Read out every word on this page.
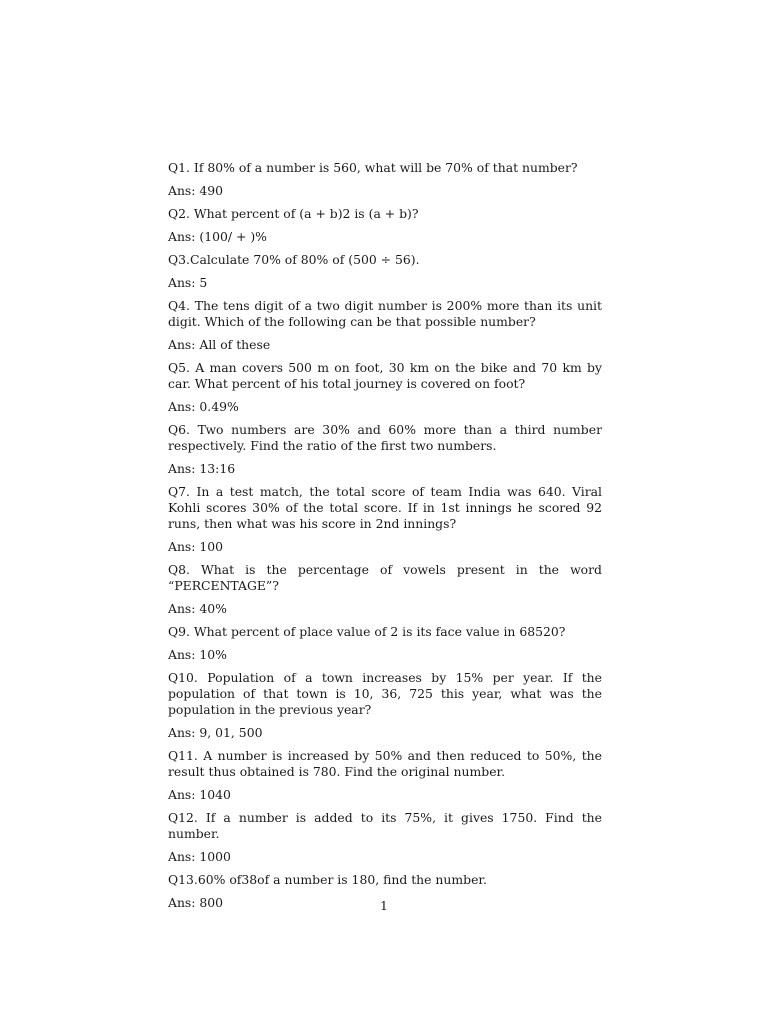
Q1. If 80% of a number is 560, what will be 70% of that number?

Ans: 490

Q2. What percent of (a + b)2 is (a + b)?

Ans: (100/ + )%

Q3.Calculate 70% of 80% of (500 ÷ 56).

Ans: 5

Q4. The tens digit of a two digit number is 200% more than its unit digit. Which of the following can be that possible number?

Ans: All of these

Q5. A man covers 500 m on foot, 30 km on the bike and 70 km by car. What percent of his total journey is covered on foot?

Ans: 0.49%

Q6. Two numbers are 30% and 60% more than a third number respectively. Find the ratio of the first two numbers.

Ans: 13:16

Q7. In a test match, the total score of team India was 640. Viral Kohli scores 30% of the total score. If in 1st innings he scored 92 runs, then what was his score in 2nd innings?

Ans: 100

Q8. What is the percentage of vowels present in the word “PERCENTAGE”?

Ans: 40%

Q9. What percent of place value of 2 is its face value in 68520?

Ans: 10%

Q10. Population of a town increases by 15% per year. If the population of that town is 10, 36, 725 this year, what was the population in the previous year?

Ans: 9, 01, 500

Q11. A number is increased by 50% and then reduced to 50%, the result thus obtained is 780. Find the original number.

Ans: 1040

Q12. If a number is added to its 75%, it gives 1750. Find the number.

Ans: 1000

Q13.60% of38of a number is 180, find the number.

Ans: 800	1
